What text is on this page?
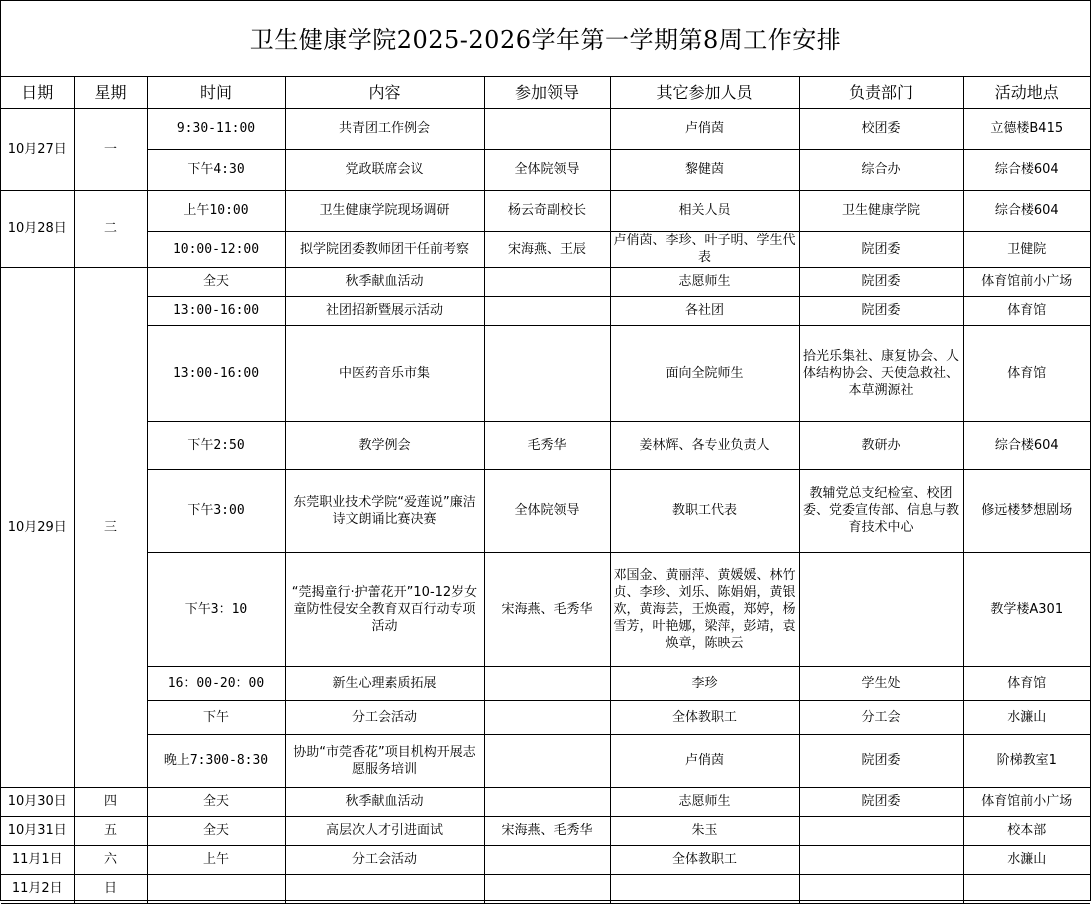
卫生健康学院2025-2026学年第一学期第8周工作安排
日期	星期	时间	内容	参加领导	其它参加人员	负责部门	活动地点
10月27日	一	9:30-11:00	共青团工作例会		卢俏茵	校团委	立德楼B415
		下午4:30	党政联席会议	全体院领导	黎健茵	综合办	综合楼604
10月28日	二	上午10:00	卫生健康学院现场调研	杨云奇副校长	相关人员	卫生健康学院	综合楼604
		10:00-12:00	拟学院团委教师团干任前考察	宋海燕、王辰	卢俏茵、李珍、叶子明、学生代表	院团委	卫健院
10月29日	三	全天	秋季献血活动		志愿师生	院团委	体育馆前小广场
		13:00-16:00	社团招新暨展示活动		各社团	院团委	体育馆
		13:00-16:00	中医药音乐市集		面向全院师生	拾光乐集社、康复协会、人体结构协会、天使急救社、本草溯源社	体育馆
		下午2:50	教学例会	毛秀华	姜林辉、各专业负责人	教研办	综合楼604
		下午3:00	东莞职业技术学院“爱莲说”廉洁诗文朗诵比赛决赛	全体院领导	教职工代表	教辅党总支纪检室、校团委、党委宣传部、信息与教育技术中心	修远楼梦想剧场
		下午3：10	“莞揭童行·护蕾花开”10-12岁女童防性侵安全教育双百行动专项活动	宋海燕、毛秀华	邓国金、黄丽萍、黄媛媛、林竹贞、李珍、刘乐、陈娟娟，黄银欢，黄海芸，王焕霞，郑婷，杨雪芳，叶艳娜，梁萍，彭靖，袁焕章，陈映云		教学楼A301
		16：00-20：00	新生心理素质拓展		李珍	学生处	体育馆
		下午	分工会活动		全体教职工	分工会	水濂山
		晚上7:300-8:30	协助“市莞香花”项目机构开展志愿服务培训		卢俏茵	院团委	阶梯教室1
10月30日	四	全天	秋季献血活动		志愿师生	院团委	体育馆前小广场
10月31日	五	全天	高层次人才引进面试	宋海燕、毛秀华	朱玉		校本部
11月1日	六	上午	分工会活动		全体教职工		水濂山
11月2日	日						
